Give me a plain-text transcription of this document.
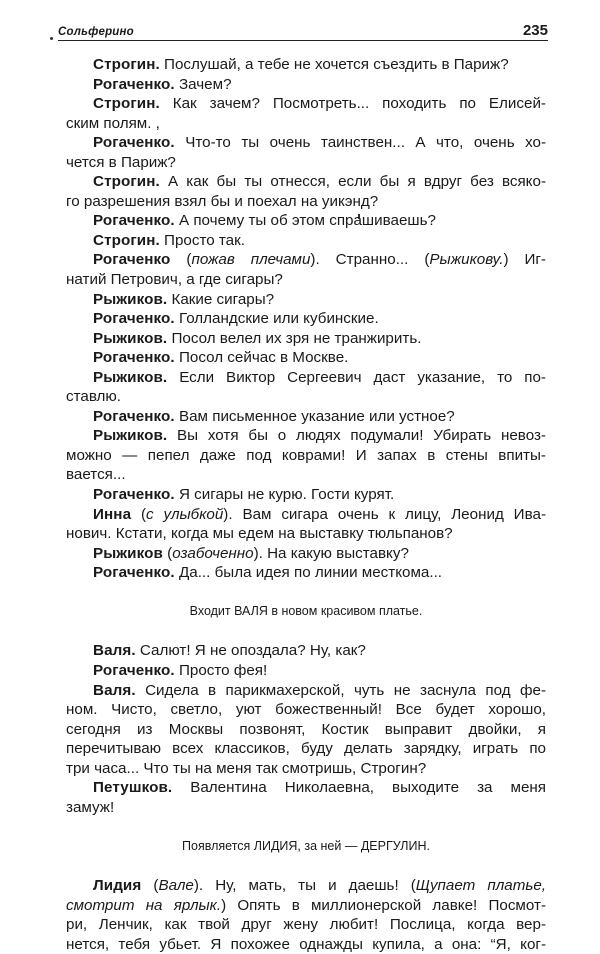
Сольферино	235
Строгин. Послушай, а тебе не хочется съездить в Париж?
Рогаченко. Зачем?
Строгин. Как зачем? Посмотреть... походить по Елисей-
ским полям. ,
Рогаченко. Что-то ты очень таинствен... А что, очень хо-
чется в Париж?
Строгин. А как бы ты отнесся, если бы я вдруг без всяко-
го разрешения взял бы и поехал на уикэнд?
Рогаченко. А почему ты об этом спрашиваешь?
Строгин. Просто так.
Рогаченко (пожав плечами). Странно... (Рыжикову.) Иг-
натий Петрович, а где сигары?
Рыжиков. Какие сигары?
Рогаченко. Голландские или кубинские.
Рыжиков. Посол велел их зря не транжирить.
Рогаченко. Посол сейчас в Москве.
Рыжиков. Если Виктор Сергеевич даст указание, то по-
ставлю.
Рогаченко. Вам письменное указание или устное?
Рыжиков. Вы хотя бы о людях подумали! Убирать невоз-
можно — пепел даже под коврами! И запах в стены впиты-
вается...
Рогаченко. Я сигары не курю. Гости курят.
Инна (с улыбкой). Вам сигара очень к лицу, Леонид Ива-
нович. Кстати, когда мы едем на выставку тюльпанов?
Рыжиков (озабоченно). На какую выставку?
Рогаченко. Да... была идея по линии месткома...
Входит ВАЛЯ в новом красивом платье.
Валя. Салют! Я не опоздала? Ну, как?
Рогаченко. Просто фея!
Валя. Сидела в парикмахерской, чуть не заснула под фе-
ном. Чисто, светло, уют божественный! Все будет хорошо,
сегодня из Москвы позвонят, Костик выправит двойки, я
перечитываю всех классиков, буду делать зарядку, играть по
три часа... Что ты на меня так смотришь, Строгин?
Петушков. Валентина Николаевна, выходите за меня
замуж!
Появляется ЛИДИЯ, за ней — ДЕРГУЛИН.
Лидия (Вале). Ну, мать, ты и даешь! (Щупает платье,
смотрит на ярлык.) Опять в миллионерской лавке! Посмот-
ри, Ленчик, как твой друг жену любит! Послица, когда вер-
нется, тебя убьет. Я похожее однажды купила, а она: “Я, ког-
